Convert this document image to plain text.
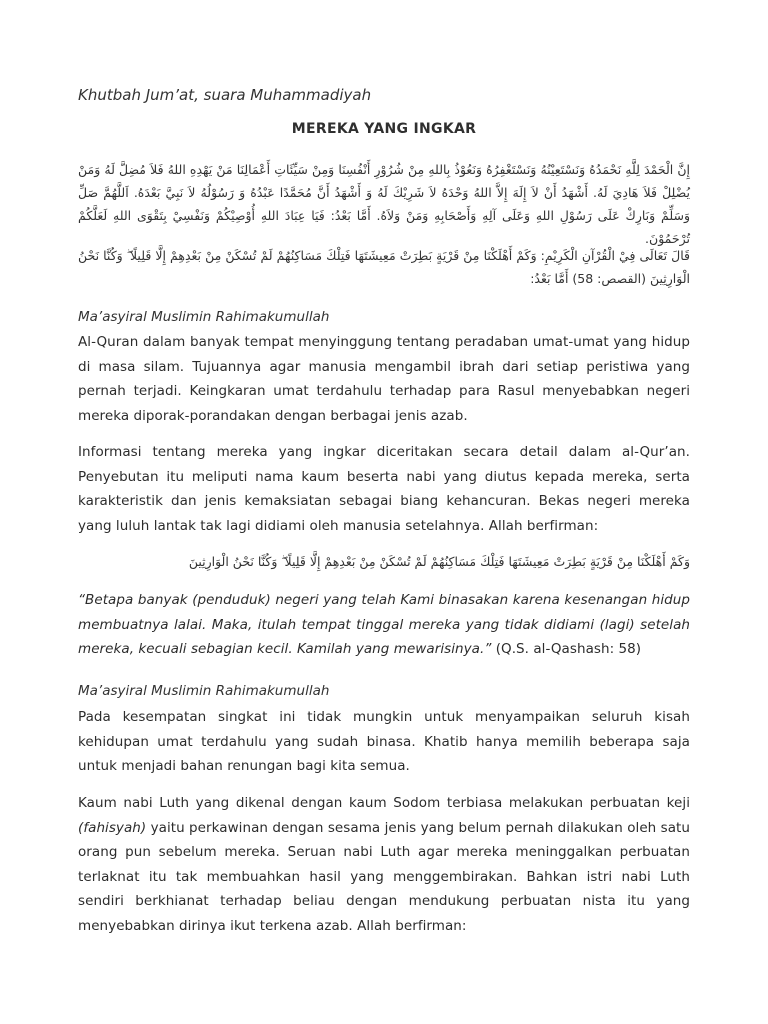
Khutbah Jum’at, suara Muhammadiyah
MEREKA YANG INGKAR
إِنَّ الْحَمْدَ لِلَّهِ نَحْمَدُهُ وَنَسْتَعِيْنُهُ وَنَسْتَغْفِرُهُ وَنَعُوْذُ بِاللهِ مِنْ شُرُوْرِ أَنْفُسِنَا وَمِنْ سَيِّئَاتِ أَعْمَالِنَا مَنْ يَهْدِهِ اللهُ فَلاَ مُضِلَّ لَهُ وَمَنْ يُضْلِلْ فَلاَ هَادِيَ لَهُ. أَشْهَدُ أَنْ لاَ إِلَهَ إِلاَّ اللهُ وَحْدَهُ لاَ شَرِيْكَ لَهُ وَ أَشْهَدُ أَنَّ مُحَمَّدًا عَبْدُهُ وَ رَسُوْلُهُ لاَ نَبِيَّ بَعْدَهُ. اَللَّهُمَّ صَلِّ وَسَلِّمْ وَبَارِكْ عَلَى رَسُوْلِ اللهِ وَعَلَى آلِهِ وَأَصْحَابِهِ وَمَنْ وَلاَهُ. أَمَّا بَعْدُ: فَيَا عِبَادَ اللهِ أُوْصِيْكُمْ وَنَفْسِيْ بِتَقْوَى اللهِ لَعَلَّكُمْ تُرْحَمُوْنَ.
قَالَ تَعَالَى فِيْ الْقُرْآنِ الْكَرِيْمِ: وَكَمْ أَهْلَكْنَا مِنْ قَرْيَةٍ بَطِرَتْ مَعِيشَتَهَا فَتِلْكَ مَسَاكِنُهُمْ لَمْ تُسْكَنْ مِنْ بَعْدِهِمْ إِلَّا قَلِيلًا ۖ وَكُنَّا نَحْنُ الْوَارِثِينَ (القصص: 58) أَمَّا بَعْدُ:
Ma’asyiral Muslimin Rahimakumullah
Al-Quran dalam banyak tempat menyinggung tentang peradaban umat-umat yang hidup di masa silam. Tujuannya agar manusia mengambil ibrah dari setiap peristiwa yang pernah terjadi. Keingkaran umat terdahulu terhadap para Rasul menyebabkan negeri mereka diporak-porandakan dengan berbagai jenis azab.
Informasi tentang mereka yang ingkar diceritakan secara detail dalam al-Qur’an. Penyebutan itu meliputi nama kaum beserta nabi yang diutus kepada mereka, serta karakteristik dan jenis kemaksiatan sebagai biang kehancuran. Bekas negeri mereka yang luluh lantak tak lagi didiami oleh manusia setelahnya. Allah berfirman:
وَكَمْ أَهْلَكْنَا مِنْ قَرْيَةٍ بَطِرَتْ مَعِيشَتَهَا فَتِلْكَ مَسَاكِنُهُمْ لَمْ تُسْكَنْ مِنْ بَعْدِهِمْ إِلَّا قَلِيلًا ۖ وَكُنَّا نَحْنُ الْوَارِثِينَ
“Betapa banyak (penduduk) negeri yang telah Kami binasakan karena kesenangan hidup membuatnya lalai. Maka, itulah tempat tinggal mereka yang tidak didiami (lagi) setelah mereka, kecuali sebagian kecil. Kamilah yang mewarisinya.” (Q.S. al-Qashash: 58)
Ma’asyiral Muslimin Rahimakumullah
Pada kesempatan singkat ini tidak mungkin untuk menyampaikan seluruh kisah kehidupan umat terdahulu yang sudah binasa. Khatib hanya memilih beberapa saja untuk menjadi bahan renungan bagi kita semua.
Kaum nabi Luth yang dikenal dengan kaum Sodom terbiasa melakukan perbuatan keji (fahisyah) yaitu perkawinan dengan sesama jenis yang belum pernah dilakukan oleh satu orang pun sebelum mereka. Seruan nabi Luth agar mereka meninggalkan perbuatan terlaknat itu tak membuahkan hasil yang menggembirakan. Bahkan istri nabi Luth sendiri berkhianat terhadap beliau dengan mendukung perbuatan nista itu yang menyebabkan dirinya ikut terkena azab. Allah berfirman:
